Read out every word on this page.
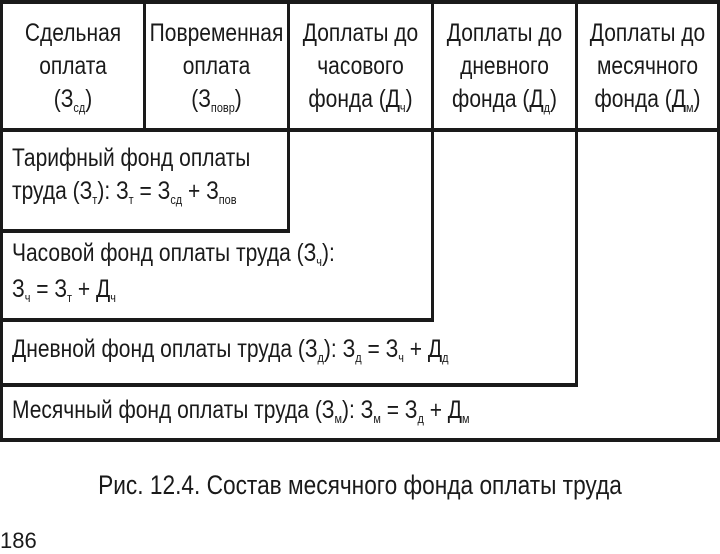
Сдельная
оплата
$(З_{сд})$
Повременная
оплата
$(З_{повр})$
Доплаты до
часового
фонда $(Д_ч)$
Доплаты до
дневного
фонда $(Д_д)$
Доплаты до
месячного
фонда $(Д_м)$
Тарифный фонд оплаты
труда $(З_т)$: $З_т = З_{сд} + З_{пов}$
Часовой фонд оплаты труда $(З_ч)$:
$З_ч = З_т + Д_ч$
Дневной фонд оплаты труда $(З_д)$: $З_д = З_ч + Д_д$
Месячный фонд оплаты труда $(З_м)$: $З_м = З_д + Д_м$
Рис. 12.4. Состав месячного фонда оплаты труда
186
